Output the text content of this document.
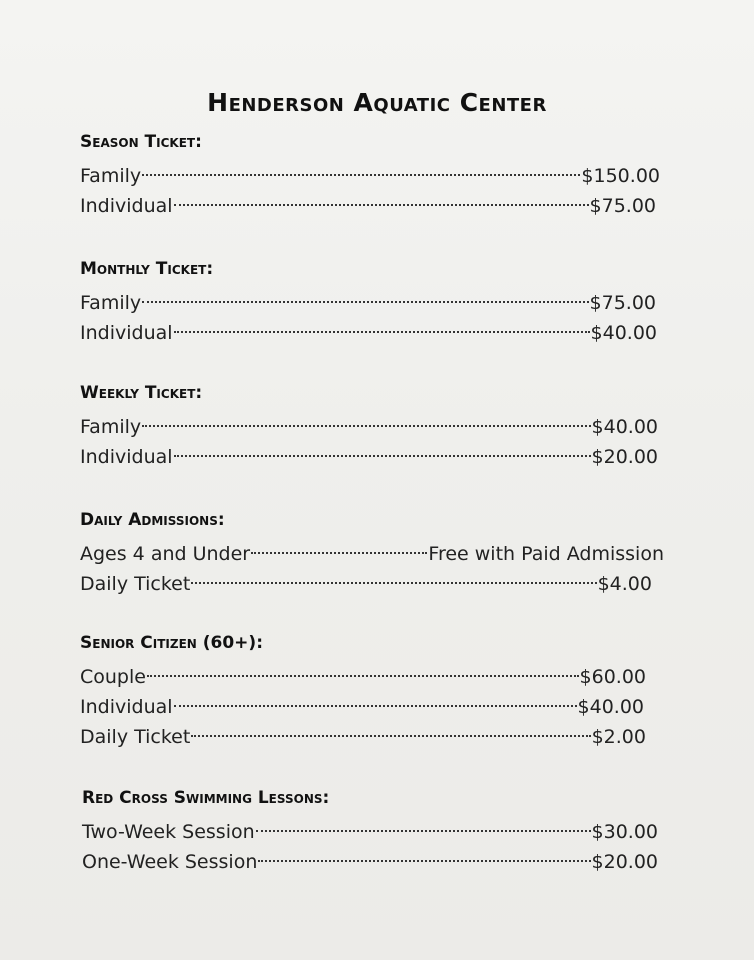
Henderson Aquatic Center
Season Ticket:
Family	$150.00
Individual	$75.00
Monthly Ticket:
Family	$75.00
Individual	$40.00
Weekly Ticket:
Family	$40.00
Individual	$20.00
Daily Admissions:
Ages 4 and Under	Free with Paid Admission
Daily Ticket	$4.00
Senior Citizen (60+):
Couple	$60.00
Individual	$40.00
Daily Ticket	$2.00
Red Cross Swimming Lessons:
Two-Week Session	$30.00
One-Week Session	$20.00
